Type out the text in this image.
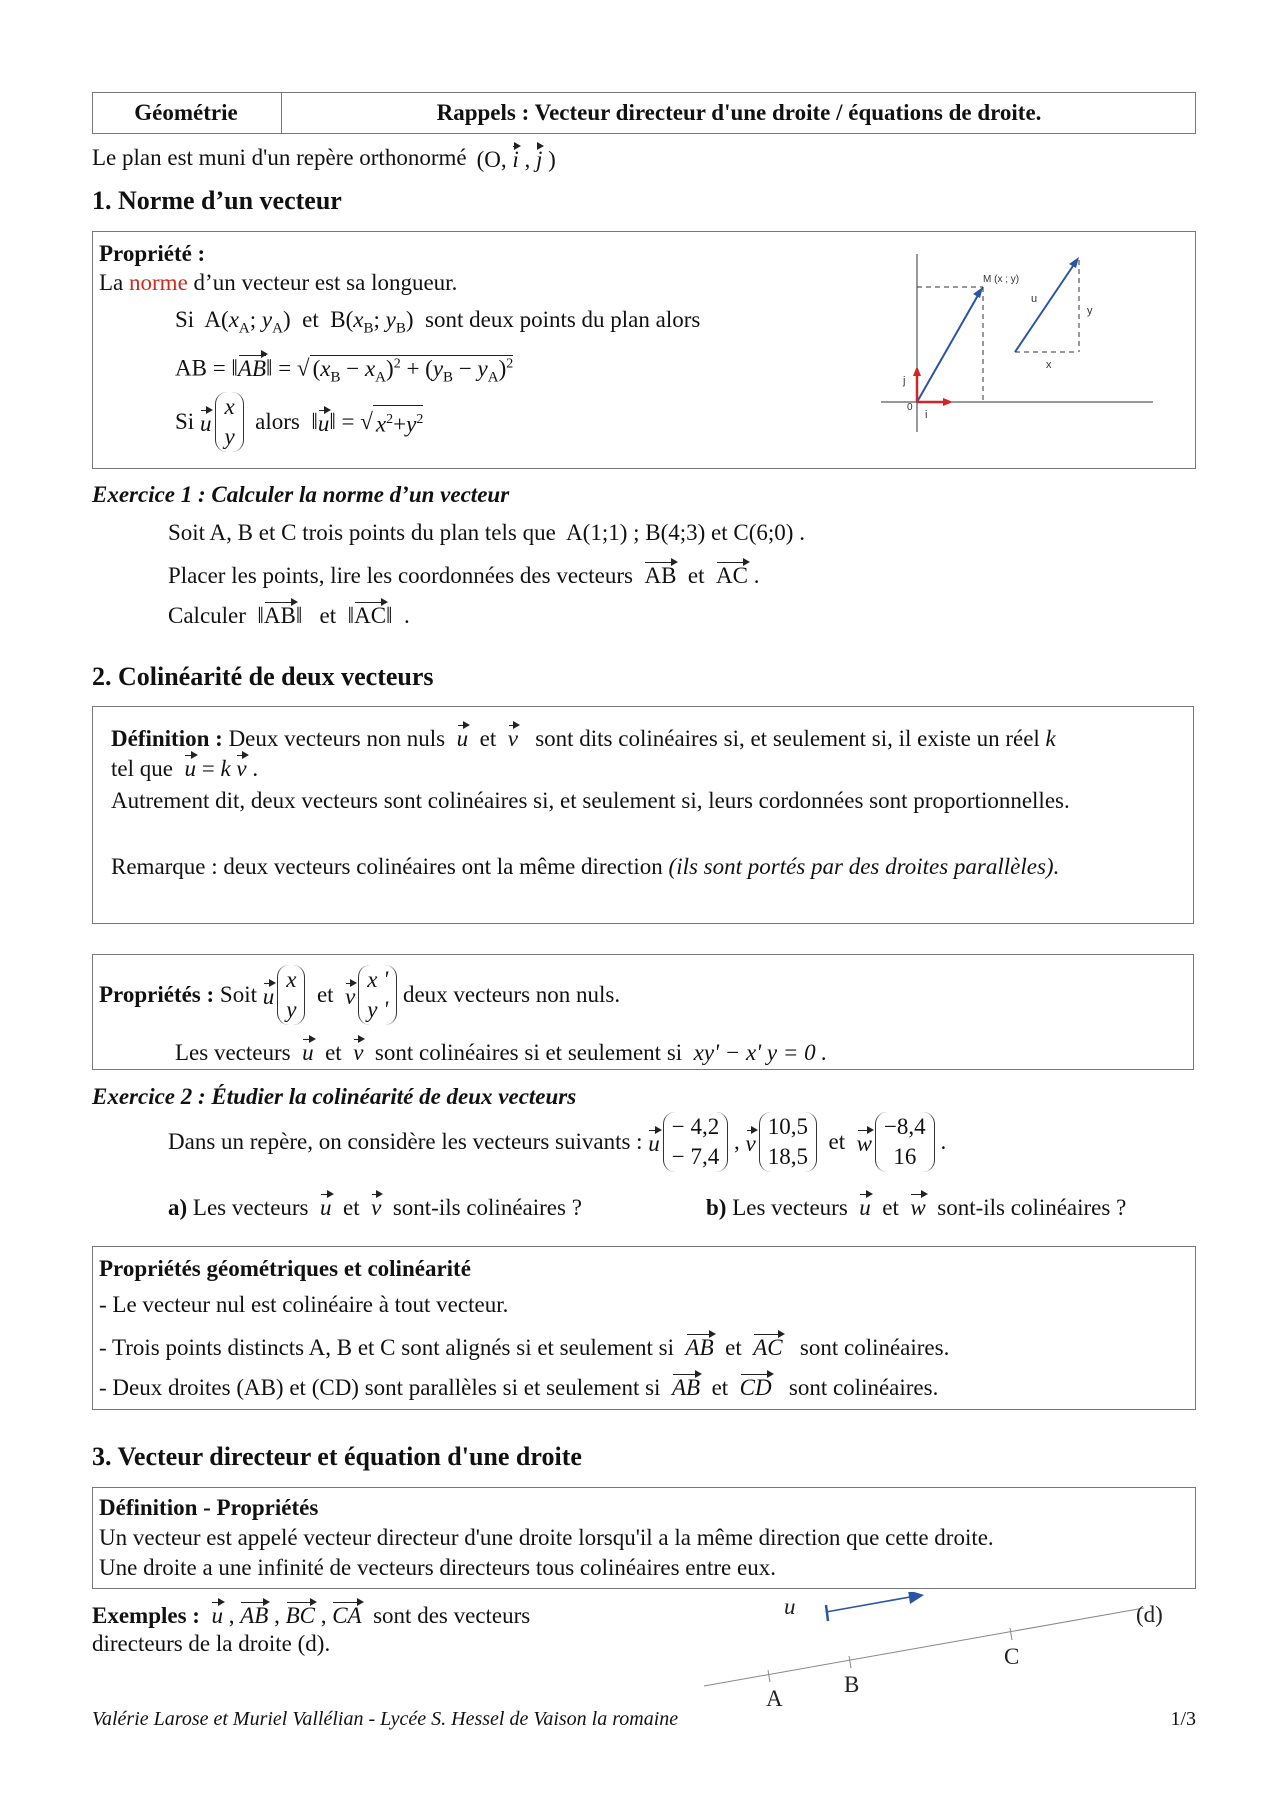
Géométrie	Rappels : Vecteur directeur d'une droite / équations de droite.
Le plan est muni d'un repère orthonormé (O, i , j )
1. Norme d’un vecteur
Propriété :
La norme d’un vecteur est sa longueur.
Si  $A(x_A$; $y_A$)  et  $B(x_B$; $y_B$)  sont deux points du plan alors
AB = ‖AB‖ = √ $(x_B - x_A)^2 + (y_B - y_A)^2$
Si
u
x
y

alors ‖ u ‖ = √ $x^2+y^2$
M (x ; y)
u
y
x
j
0
i
Exercice 1 : Calculer la norme d’un vecteur
Soit A, B et C trois points du plan tels que A(1;1) ; B(4;3) et C(6;0) .
Placer les points, lire les coordonnées des vecteurs AB  et  AC .
Calculer  ‖AB‖   et  ‖AC‖  .
2. Colinéarité de deux vecteurs
Définition : Deux vecteurs non nuls u  et  v sont dits colinéaires si, et seulement si, il existe un réel k
tel que u = k v .
Autrement dit, deux vecteurs sont colinéaires si, et seulement si, leurs cordonnées sont proportionnelles.
Remarque : deux vecteurs colinéaires ont la même direction (ils sont portés par des droites parallèles).
Propriétés :
Soit
u
x
y
et v
x '
y '

deux vecteurs non nuls.
Les vecteurs u  et  v sont colinéaires si et seulement si xy' − x' y = 0 .
Exercice 2 : Étudier la colinéarité de deux vecteurs
Dans un repère, on considère les vecteurs suivants :
u
− 4,2
− 7,4
, v
10,5
18,5
et w
−8,4
16
.
a) Les vecteurs u  et  v sont-ils colinéaires ?	b) Les vecteurs u  et  w sont-ils colinéaires ?
Propriétés géométriques et colinéarité
- Le vecteur nul est colinéaire à tout vecteur.
- Trois points distincts A, B et C sont alignés si et seulement si AB  et  AC sont colinéaires.
- Deux droites (AB) et (CD) sont parallèles si et seulement si AB  et  CD sont colinéaires.
3. Vecteur directeur et équation d'une droite
Définition - Propriétés
Un vecteur est appelé vecteur directeur d'une droite lorsqu'il a la même direction que cette droite.
Une droite a une infinité de vecteurs directeurs tous colinéaires entre eux.
Exemples : u , AB , BC , CA sont des vecteurs
directeurs de la droite (d).
u	(d)
A
B
C
Valérie Larose et Muriel Vallélian - Lycée S. Hessel de Vaison la romaine	1/3
